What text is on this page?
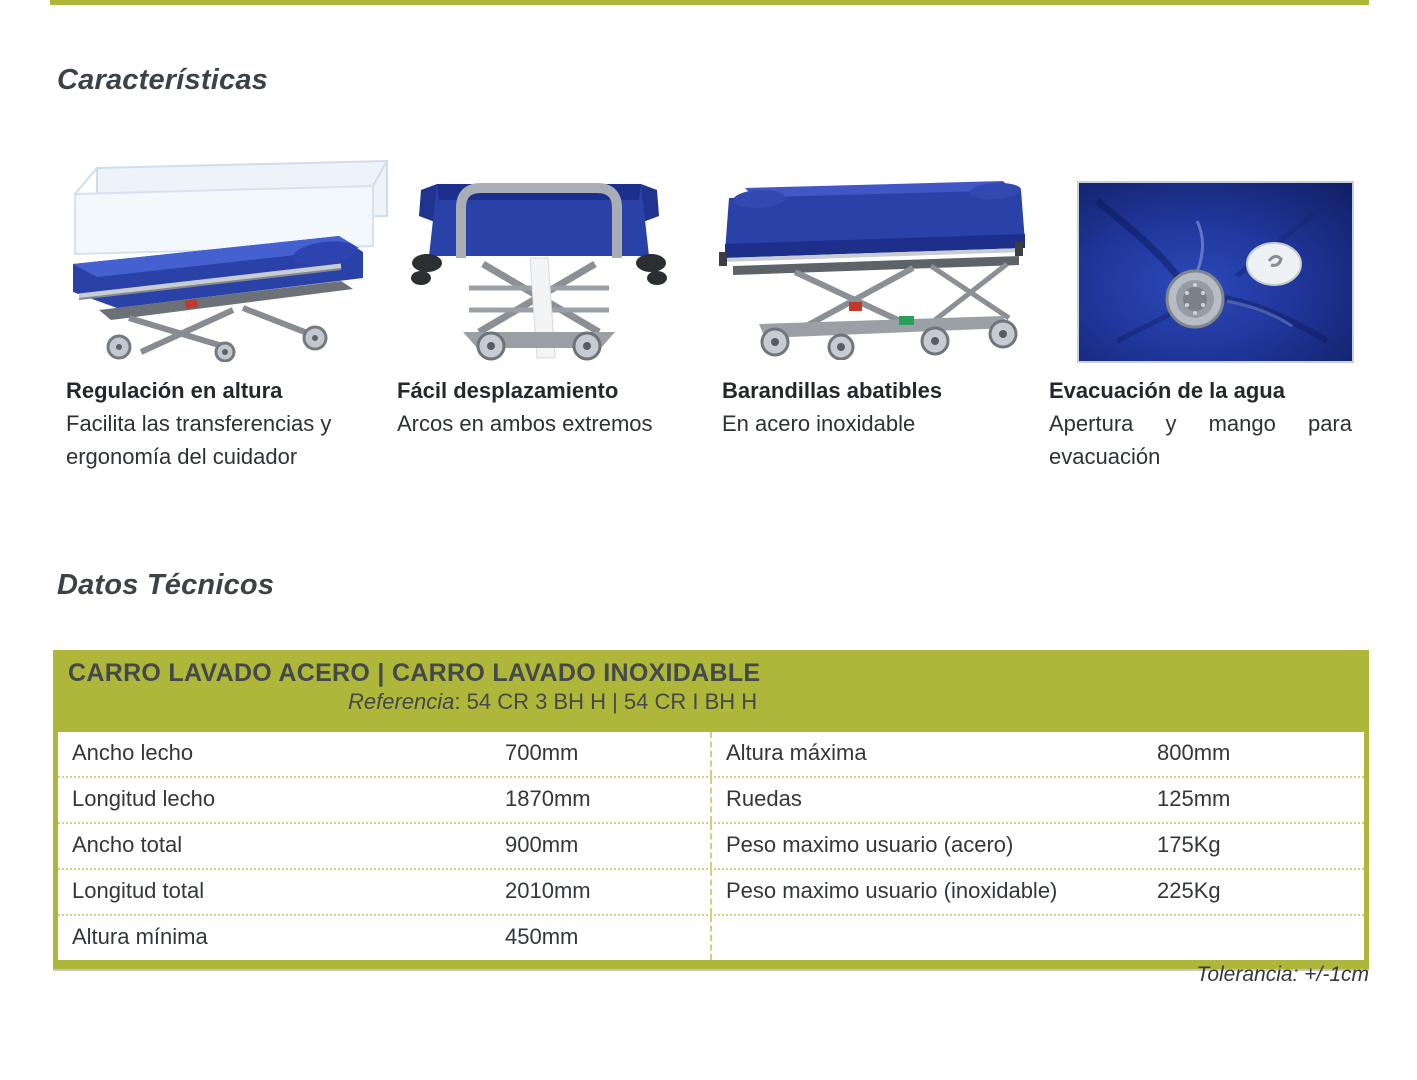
Características
Regulación en altura
Facilita las transferencias y ergonomía del cuidador
Fácil desplazamiento
Arcos en ambos extremos
Barandillas abatibles
En acero inoxidable
Evacuación de la agua
Apertura y mango para evacuación
Datos Técnicos
CARRO LAVADO ACERO | CARRO LAVADO INOXIDABLE
Referencia: 54 CR 3 BH H | 54 CR I BH H
Ancho lecho	700mm	Altura máxima	800mm
Longitud lecho	1870mm	Ruedas	125mm
Ancho total	900mm	Peso maximo usuario (acero)	175Kg
Longitud total	2010mm	Peso maximo usuario (inoxidable)	225Kg
Altura mínima	450mm
Tolerancia: +/-1cm
